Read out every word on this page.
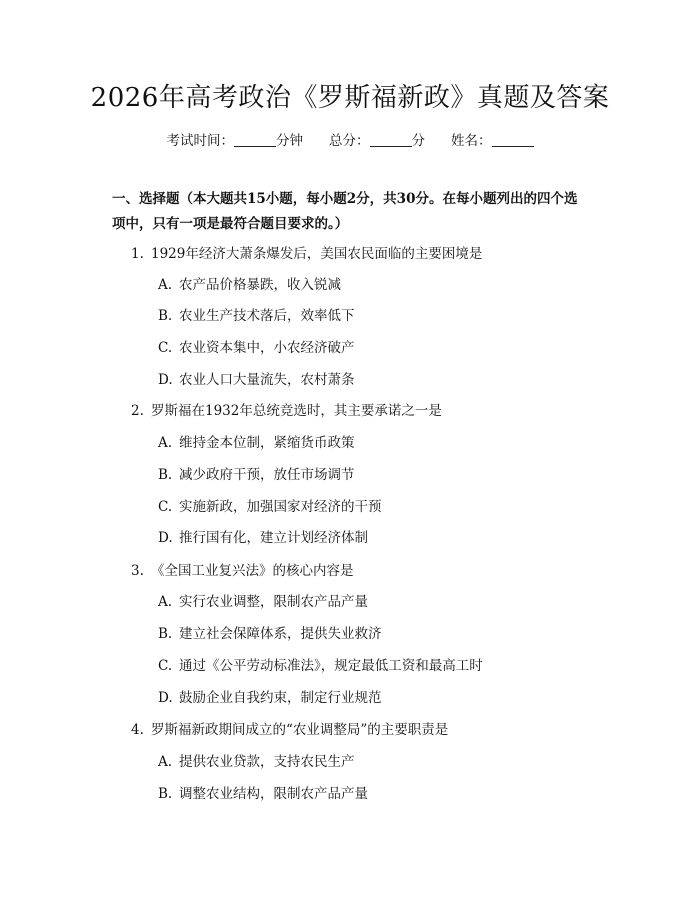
2026年高考政治《罗斯福新政》真题及答案
考试时间：	分钟 总分：	分 姓名：
一、选择题（本大题共15小题，每小题2分，共30分。在每小题列出的四个选
项中，只有一项是最符合题目要求的。）
1. 1929年经济大萧条爆发后，美国农民面临的主要困境是
A. 农产品价格暴跌，收入锐减
B. 农业生产技术落后，效率低下
C. 农业资本集中，小农经济破产
D. 农业人口大量流失，农村萧条
2. 罗斯福在1932年总统竞选时，其主要承诺之一是
A. 维持金本位制，紧缩货币政策
B. 减少政府干预，放任市场调节
C. 实施新政，加强国家对经济的干预
D. 推行国有化，建立计划经济体制
3. 《全国工业复兴法》的核心内容是
A. 实行农业调整，限制农产品产量
B. 建立社会保障体系，提供失业救济
C. 通过《公平劳动标准法》，规定最低工资和最高工时
D. 鼓励企业自我约束，制定行业规范
4. 罗斯福新政期间成立的“农业调整局”的主要职责是
A. 提供农业贷款，支持农民生产
B. 调整农业结构，限制农产品产量
